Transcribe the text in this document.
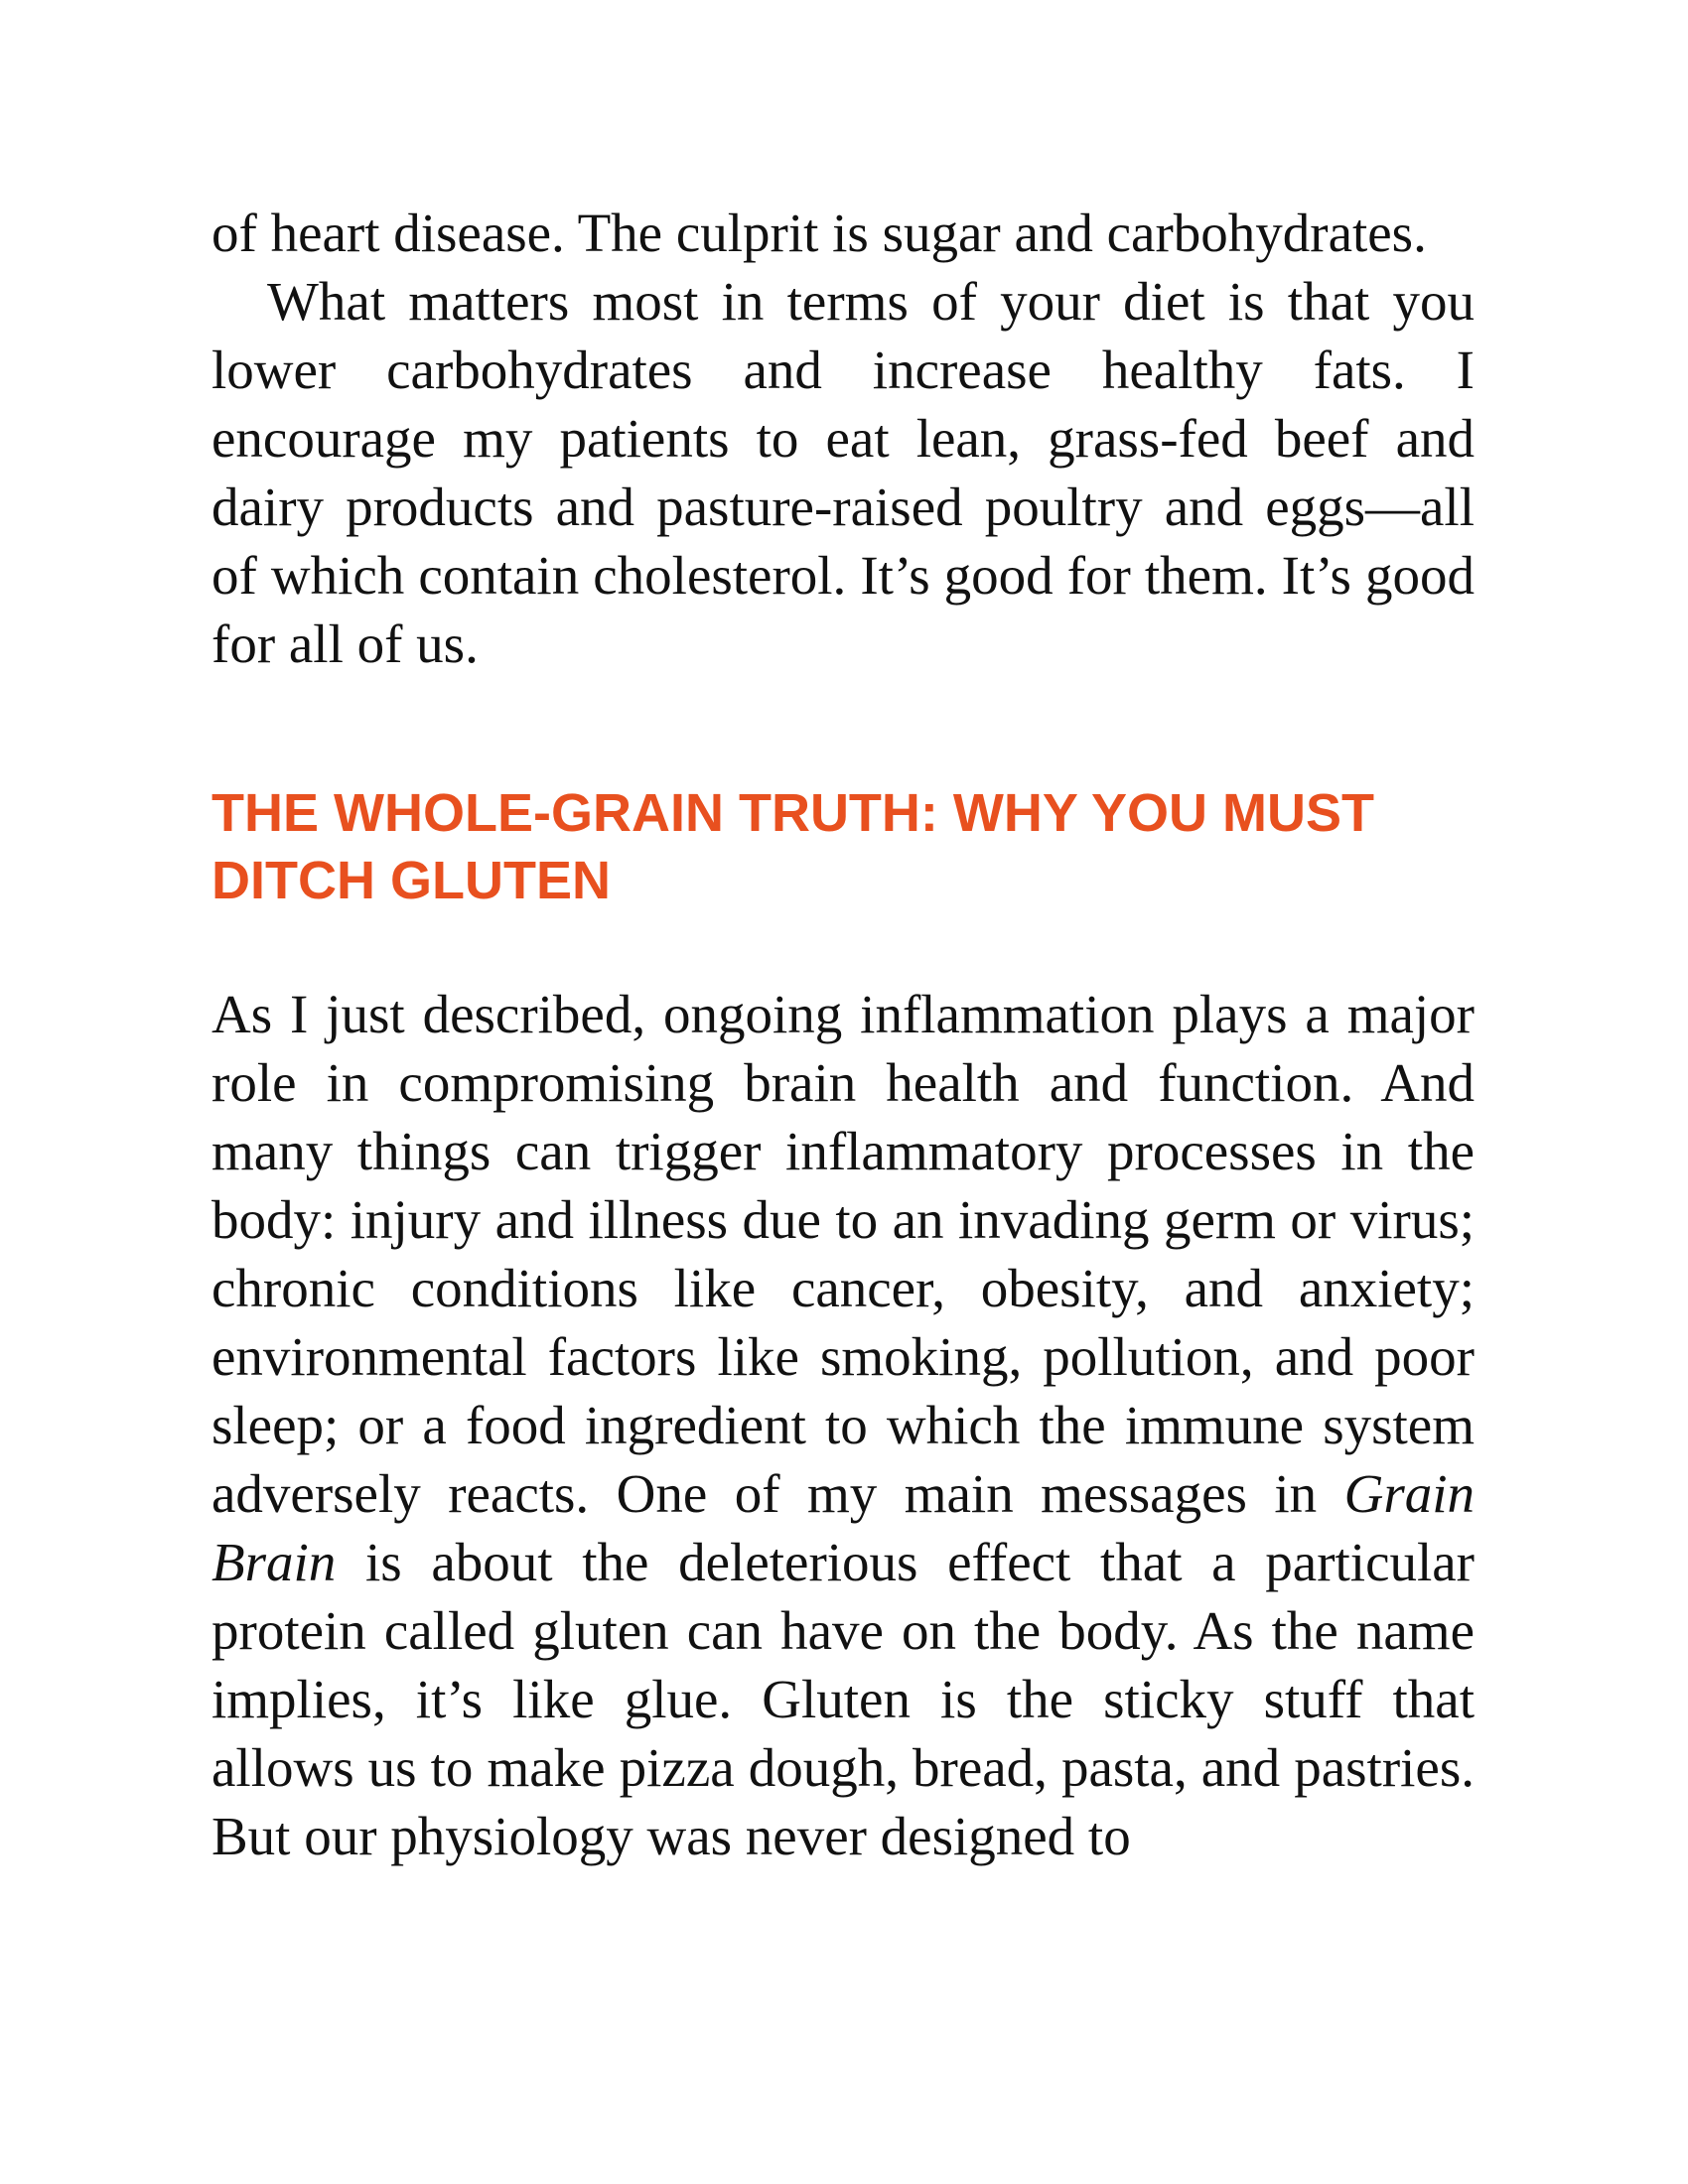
of heart disease. The culprit is sugar and carbohydrates.

What matters most in terms of your diet is that you lower carbohydrates and increase healthy fats. I encourage my patients to eat lean, grass-fed beef and dairy products and pasture-raised poultry and eggs—all of which contain cholesterol. It’s good for them. It’s good for all of us.

THE WHOLE-GRAIN TRUTH: WHY YOU MUST DITCH GLUTEN

As I just described, ongoing inflammation plays a major role in compromising brain health and function. And many things can trigger inflammatory processes in the body: injury and illness due to an invading germ or virus; chronic conditions like cancer, obesity, and anxiety; environmental factors like smoking, pollution, and poor sleep; or a food ingredient to which the immune system adversely reacts. One of my main messages in Grain Brain is about the deleterious effect that a particular protein called gluten can have on the body. As the name implies, it’s like glue. Gluten is the sticky stuff that allows us to make pizza dough, bread, pasta, and pastries. But our physiology was never designed to
